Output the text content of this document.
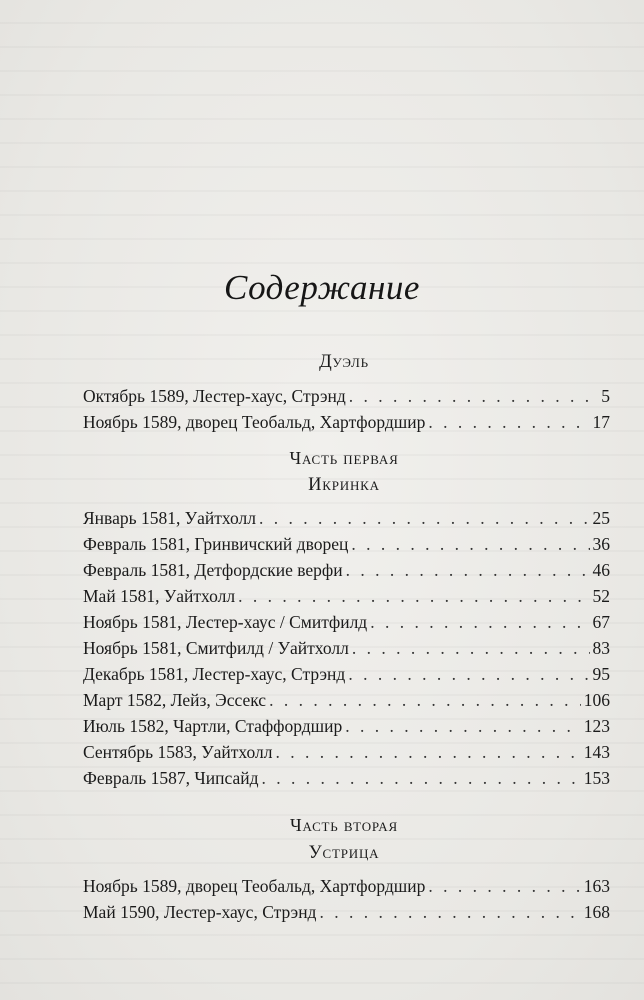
Содержание
Дуэль
Октябрь 1589, Лестер-хаус, Стрэнд . . .	5
Ноябрь 1589, дворец Теобальд, Хартфордшир . . .	17
Часть первая
Икринка
Январь 1581, Уайтхолл . . .	25
Февраль 1581, Гринвичский дворец . . .	36
Февраль 1581, Детфордские верфи . . .	46
Май 1581, Уайтхолл . . .	52
Ноябрь 1581, Лестер-хаус / Смитфилд . . .	67
Ноябрь 1581, Смитфилд / Уайтхолл . . .	83
Декабрь 1581, Лестер-хаус, Стрэнд . . .	95
Март 1582, Лейз, Эссекс . . .	106
Июль 1582, Чартли, Стаффордшир . . .	123
Сентябрь 1583, Уайтхолл . . .	143
Февраль 1587, Чипсайд . . .	153
Часть вторая
Устрица
Ноябрь 1589, дворец Теобальд, Хартфордшир . . .	163
Май 1590, Лестер-хаус, Стрэнд . . .	168
